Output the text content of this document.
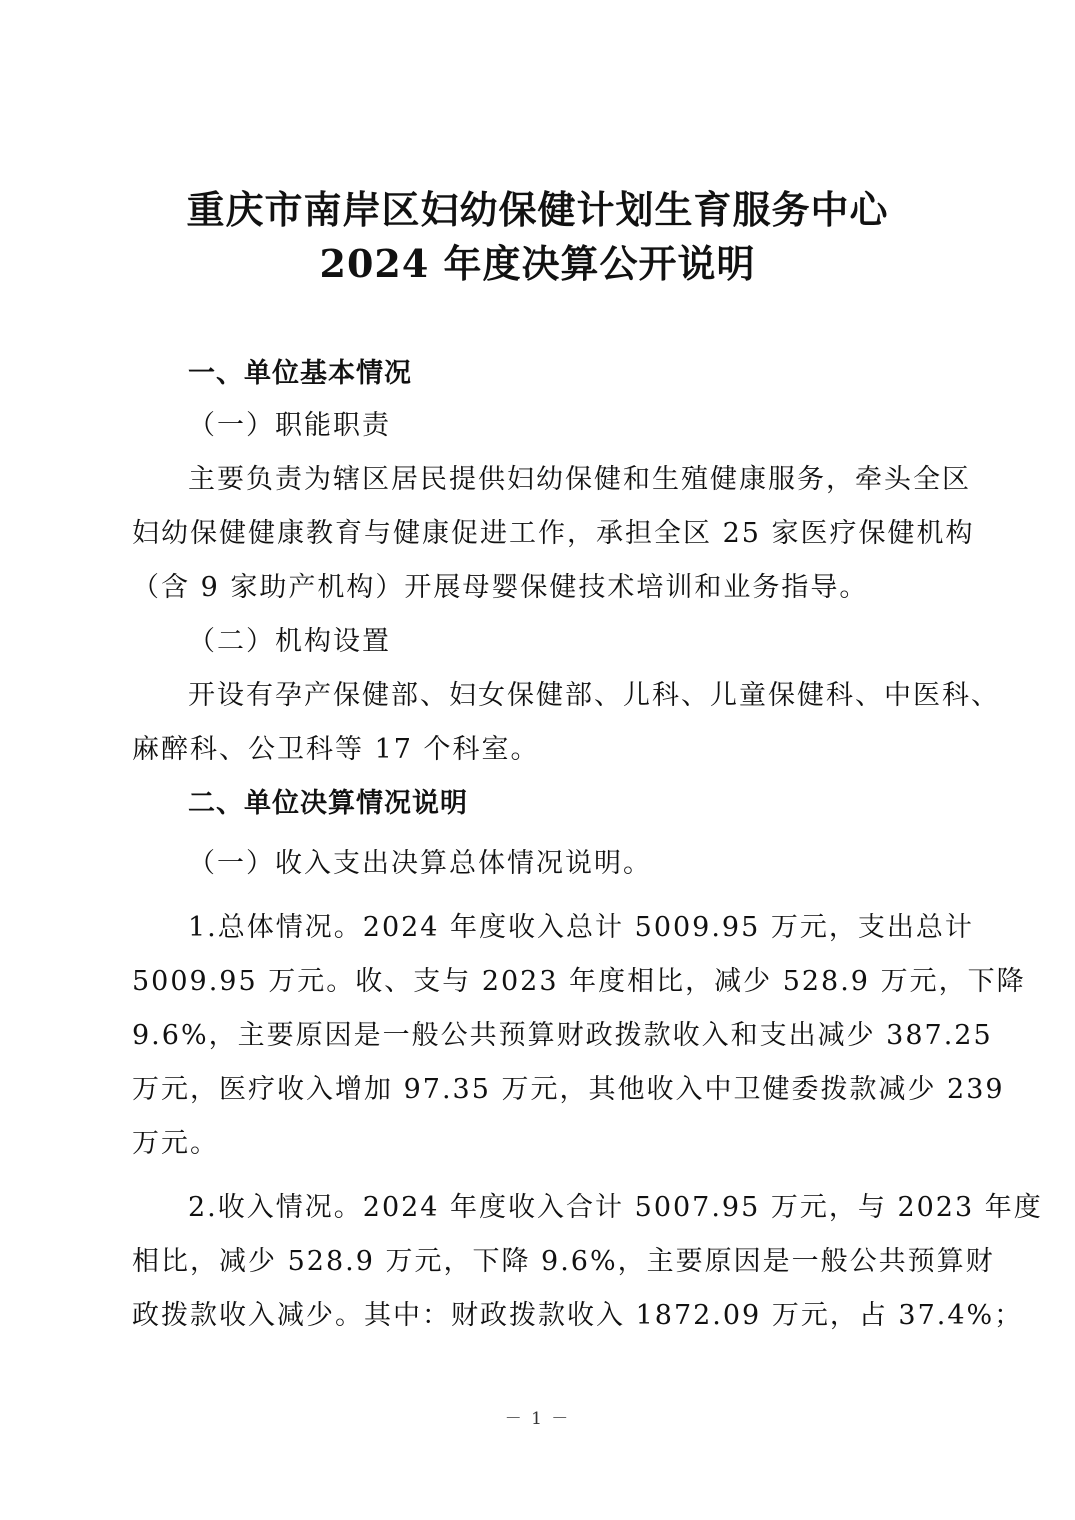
重庆市南岸区妇幼保健计划生育服务中心
2024 年度决算公开说明
一、单位基本情况
（一）职能职责
主要负责为辖区居民提供妇幼保健和生殖健康服务，牵头全区
妇幼保健健康教育与健康促进工作，承担全区 25 家医疗保健机构
（含 9 家助产机构）开展母婴保健技术培训和业务指导。
（二）机构设置
开设有孕产保健部、妇女保健部、儿科、儿童保健科、中医科、
麻醉科、公卫科等 17 个科室。
二、单位决算情况说明
（一）收入支出决算总体情况说明。
1.总体情况。2024 年度收入总计 5009.95 万元，支出总计
5009.95 万元。收、支与 2023 年度相比，减少 528.9 万元，下降
9.6%，主要原因是一般公共预算财政拨款收入和支出减少 387.25
万元，医疗收入增加 97.35 万元，其他收入中卫健委拨款减少 239
万元。
2.收入情况。2024 年度收入合计 5007.95 万元，与 2023 年度
相比，减少 528.9 万元，下降 9.6%，主要原因是一般公共预算财
政拨款收入减少。其中：财政拨款收入 1872.09 万元，占 37.4%；
－ 1 －
